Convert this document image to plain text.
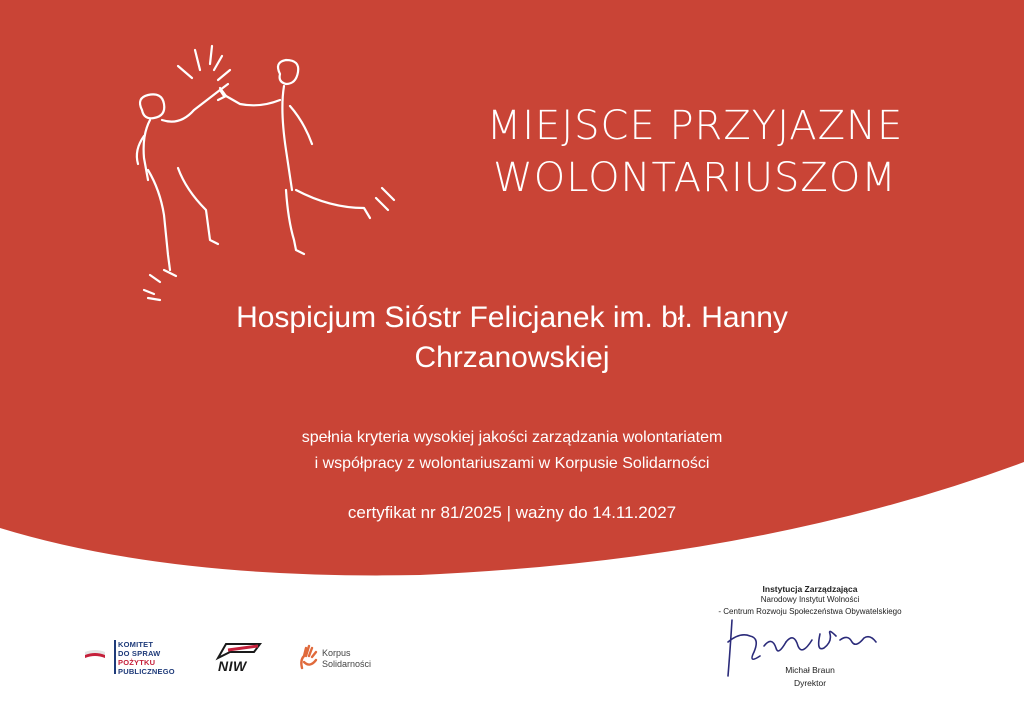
MIEJSCE PRZYJAZNE
WOLONTARIUSZOM
Hospicjum Sióstr Felicjanek im. bł. Hanny
Chrzanowskiej
spełnia kryteria wysokiej jakości zarządzania wolontariatem
i współpracy z wolontariuszami w Korpusie Solidarności
certyfikat nr 81/2025 | ważny do 14.11.2027
KOMITET
DO SPRAW
POŻYTKU
PUBLICZNEGO	NIW
Korpus
Solidarności
Instytucja Zarządzająca
Narodowy Instytut Wolności
- Centrum Rozwoju Społeczeństwa Obywatelskiego
Michał Braun
Dyrektor
